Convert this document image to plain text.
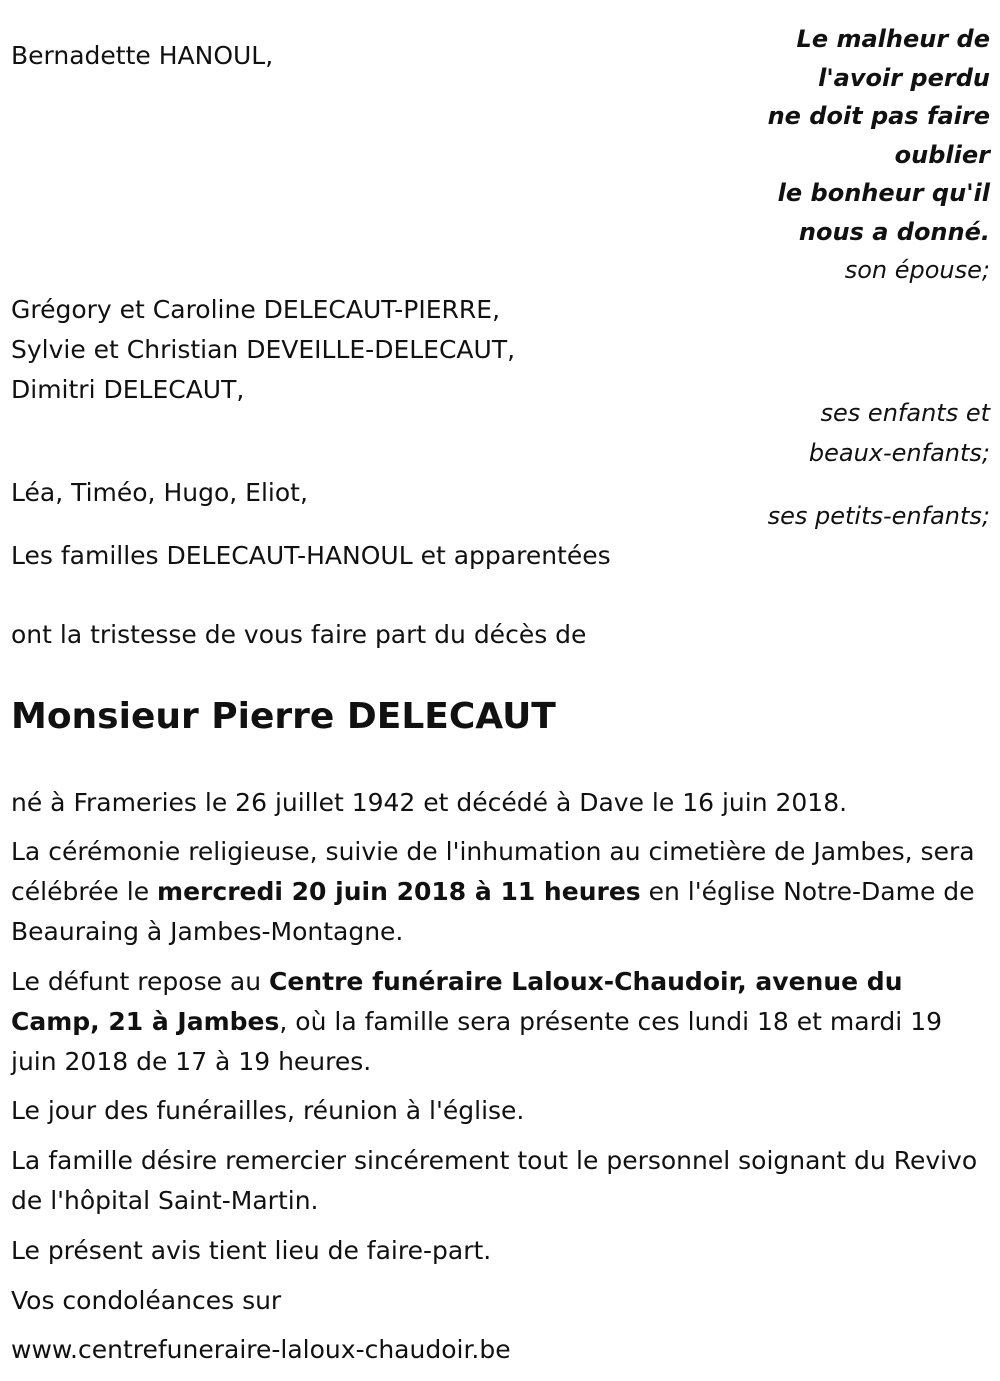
Bernadette HANOUL,
Le malheur de
l'avoir perdu
ne doit pas faire
oublier
le bonheur qu'il
nous a donné.
son épouse;
Grégory et Caroline DELECAUT-PIERRE,
Sylvie et Christian DEVEILLE-DELECAUT,
Dimitri DELECAUT,
ses enfants et
beaux-enfants;
Léa, Timéo, Hugo, Eliot,
ses petits-enfants;
Les familles DELECAUT-HANOUL et apparentées
ont la tristesse de vous faire part du décès de
Monsieur Pierre DELECAUT
né à Frameries le 26 juillet 1942 et décédé à Dave le 16 juin 2018.
La cérémonie religieuse, suivie de l'inhumation au cimetière de Jambes, sera célébrée le mercredi 20 juin 2018 à 11 heures en l'église Notre-Dame de Beauraing à Jambes-Montagne.
Le défunt repose au Centre funéraire Laloux-Chaudoir, avenue du Camp, 21 à Jambes, où la famille sera présente ces lundi 18 et mardi 19 juin 2018 de 17 à 19 heures.
Le jour des funérailles, réunion à l'église.
La famille désire remercier sincérement tout le personnel soignant du Revivo de l'hôpital Saint-Martin.
Le présent avis tient lieu de faire-part.
Vos condoléances sur
www.centrefuneraire-laloux-chaudoir.be
